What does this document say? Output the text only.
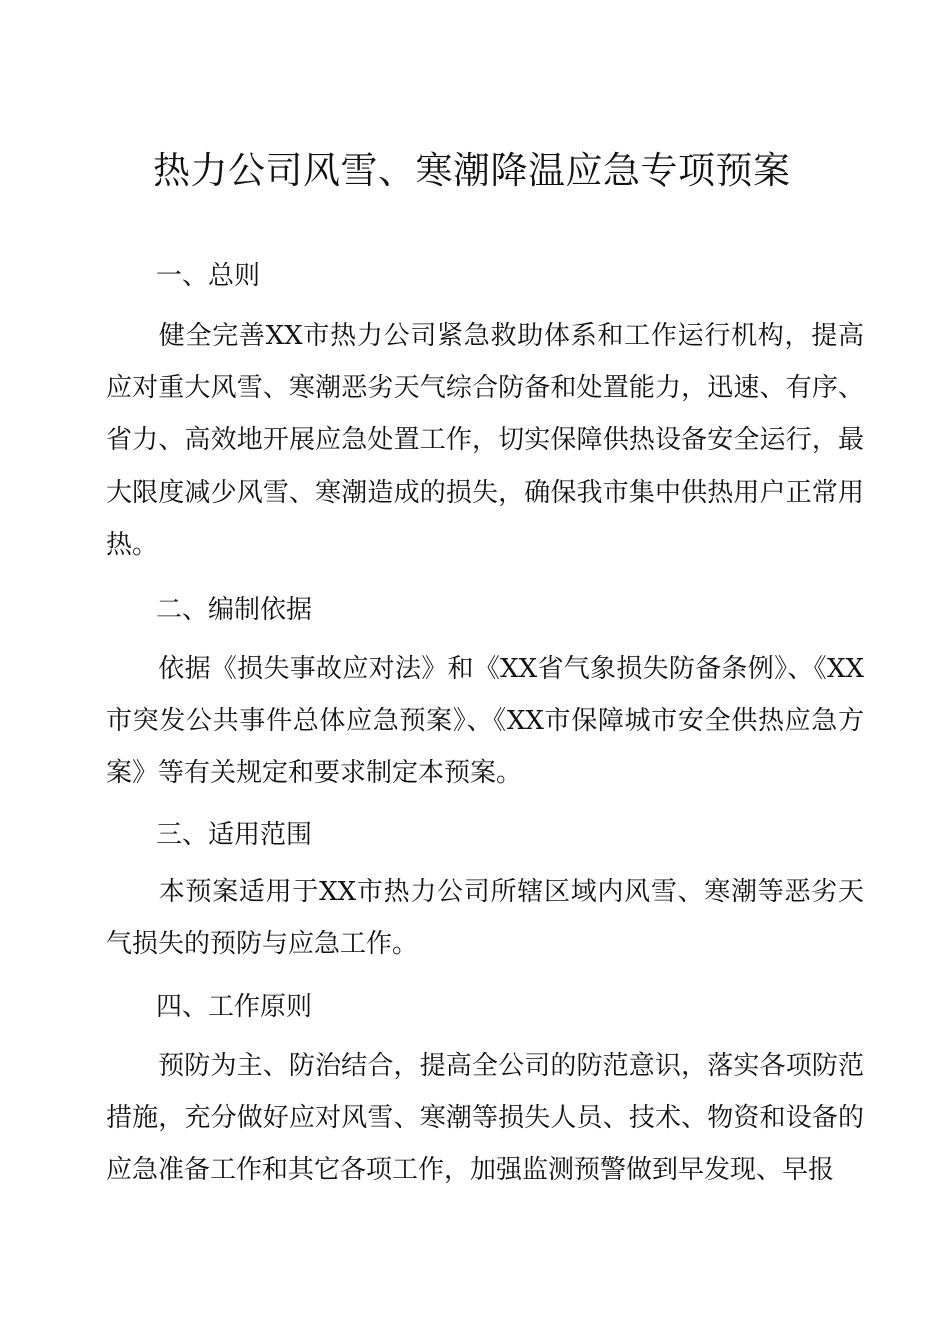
热力公司风雪、寒潮降温应急专项预案
一、总则

健全完善XX市热力公司紧急救助体系和工作运行机构，提高应对重大风雪、寒潮恶劣天气综合防备和处置能力，迅速、有序、省力、高效地开展应急处置工作，切实保障供热设备安全运行，最大限度减少风雪、寒潮造成的损失，确保我市集中供热用户正常用热。

二、编制依据

依据《损失事故应对法》和《XX省气象损失防备条例》、《XX市突发公共事件总体应急预案》、《XX市保障城市安全供热应急方案》等有关规定和要求制定本预案。

三、适用范围

本预案适用于XX市热力公司所辖区域内风雪、寒潮等恶劣天气损失的预防与应急工作。

四、工作原则

预防为主、防治结合，提高全公司的防范意识，落实各项防范措施，充分做好应对风雪、寒潮等损失人员、技术、物资和设备的应急准备工作和其它各项工作，加强监测预警做到早发现、早报
